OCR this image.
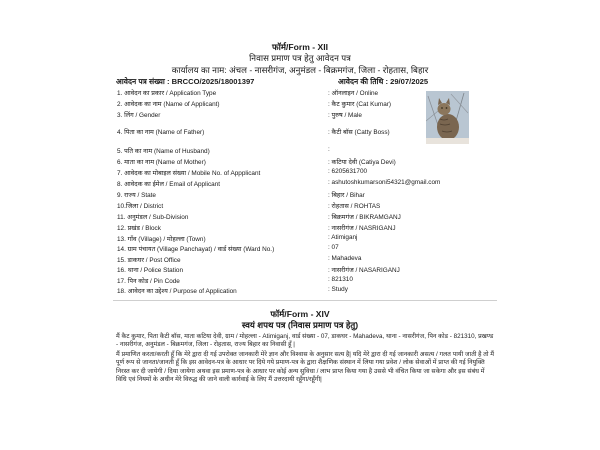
फॉर्म/Form - XII
निवास प्रमाण पत्र हेतु आवेदन पत्र
कार्यालय का नाम: अंचल - नासरीगंज, अनुमंडल - बिक्रमगंज, जिला - रोहतास, बिहार
आवेदन पत्र संख्या : BRCCO/2025/18001397	आवेदन की तिथि : 29/07/2025
1. आवेदन का प्रकार / Application Type	: ऑनलाइन / Online
2. आवेदक का नाम (Name of Applicant)	: कैट कुमार (Cat Kumar)
3. लिंग / Gender	: पुरुष / Male
4. पिता का नाम (Name of Father)	: कैटी बॉस (Catty Boss)
5. पति का नाम (Name of Husband)	:
6. माता का नाम (Name of Mother)	: कटिया देवी (Catiya Devi)
7. आवेदक का मोबाइल संख्या / Mobile No. of Appplicant	: 6205631700
8. आवेदक का ईमेल / Email of Applicant	: ashutoshkumarsoni54321@gmail.com
9. राज्य / State	: बिहार / Bihar
10.जिला / District	: रोहतास / ROHTAS
11. अनुमंडल / Sub-Division	: बिक्रमगंज / BIKRAMGANJ
12. प्रखंड / Block	: नासरीगंज / NASRIGANJ
13. गाँव (Village) / मोहल्ला (Town)	: Atimiganj
14. ग्राम पंचायत (Village Panchayat) / वार्ड संख्या (Ward No.)	: 07
15. डाकघर / Post Office	: Mahadeva
16. थाना / Police Station	: नासरीगंज / NASARIGANJ
17. पिन कोड / Pin Code	: 821310
18. आवेदन का उद्देश्य / Purpose of Application	: Study
फॉर्म/Form - XIV
स्वयं शपथ पत्र (निवास प्रमाण पत्र हेतु)
मैं कैट कुमार, पिता कैटी बॉस, माता कटिया देवी, ग्राम / मोहल्ला - Atimiganj, वार्ड संख्या - 07, डाकघर - Mahadeva, थाना - नासरीगंज, पिन कोड - 821310, प्रखण्ड - नासरीगंज, अनुमंडल - बिक्रमगंज, जिला - रोहतास, राज्य बिहार का निवासी हूँ |
मैं प्रमाणित करता/करती हूँ कि मेरे द्वारा दी गई उपरोक्त जानकारी मेरे ज्ञान और विश्वास के अनुसार सत्य है| यदि मेरे द्वारा दी गई जानकारी असत्य / गलत पायी जाती है तो मैं पूर्ण रूप से जानता/जानती हूँ कि इस आवेदन-पत्र के आधार पर दिये गये प्रमाण-पत्र के द्वारा शैक्षणिक संस्थान में लिया गया प्रवेश / लोक सेवाओं में प्राप्त की गई नियुक्ति निरस्त कर दी जायेगी / दिया जायेगा अथवा इस प्रमाण-पत्र के आधार पर कोई अन्य सुविधा / लाभ प्राप्त किया गया है उससे भी वंचित किया जा सकेगा और इस संबंध में विधि एवं नियमों के अधीन मेरे विरुद्ध की जाने वाली कार्रवाई के लिए मैं उत्तरदायी रहूँगा/रहूँगी|
